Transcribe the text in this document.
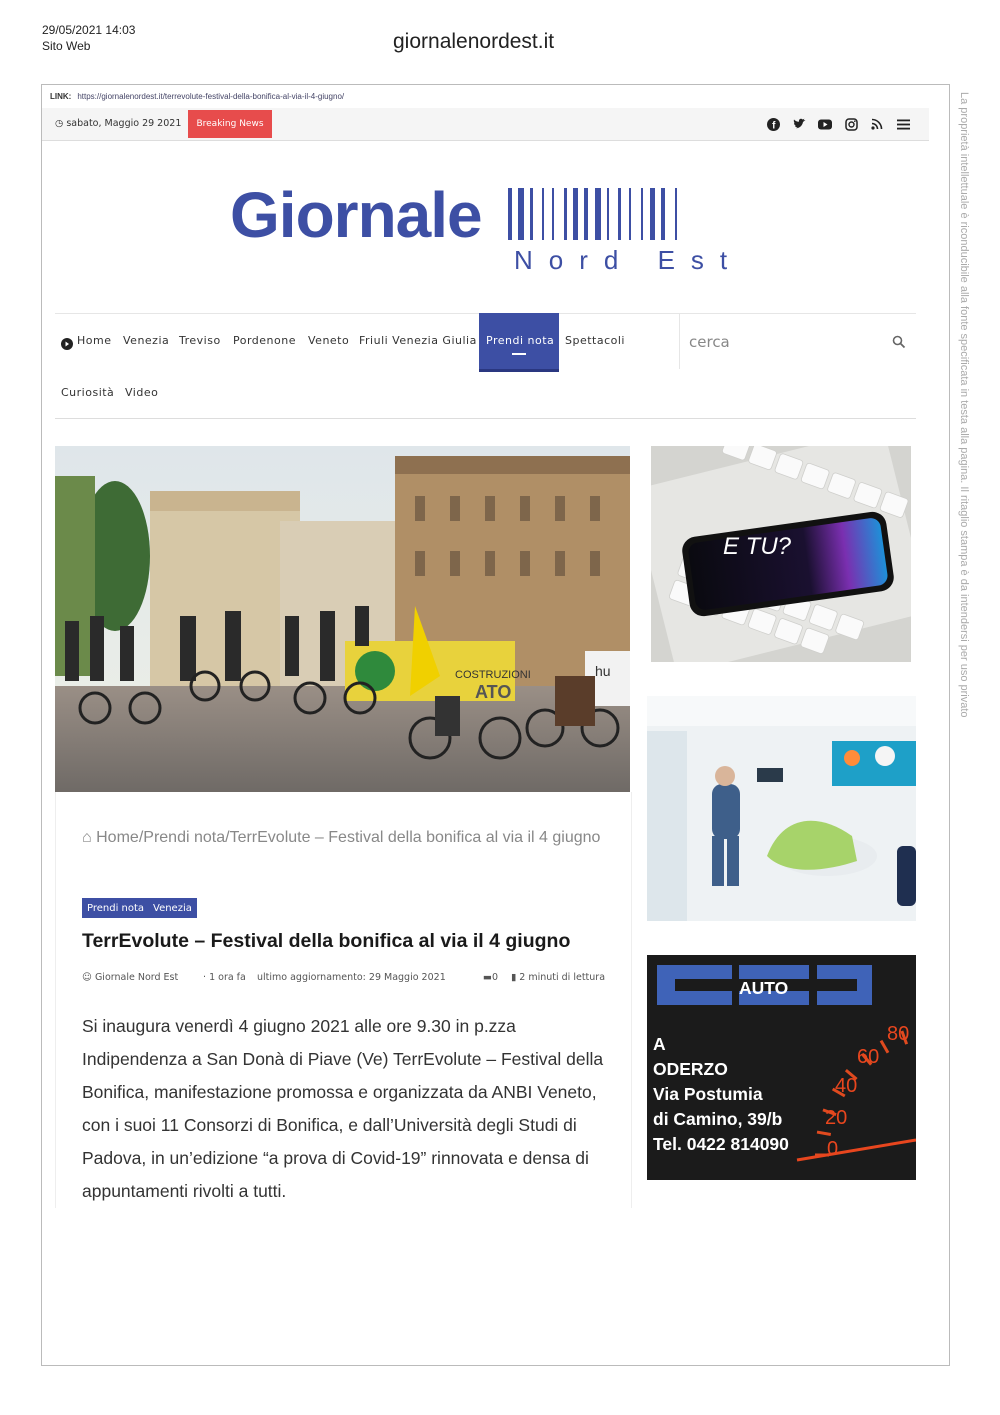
29/05/2021 14:03
Sito Web	giornalenordest.it
La proprietà intellettuale è riconducibile alla fonte specificata in testa alla pagina. Il ritaglio stampa è da intendersi per uso privato
LINK: https://giornalenordest.it/terrevolute-festival-della-bonifica-al-via-il-4-giugno/
◷ sabato, Maggio 29 2021	Breaking News	f
Giornale
Nord Est
Home Venezia Treviso Pordenone Veneto Friuli Venezia Giulia Prendi nota Spettacoli
Curiosità Video
cerca
COSTRUZIONI
ATO
hu
⌂ Home/Prendi nota/TerrEvolute – Festival della bonifica al via il 4 giugno
Prendi nota Venezia
TerrEvolute – Festival della bonifica al via il 4 giugno
☺ Giornale Nord Est	· 1 ora fa ultimo aggiornamento: 29 Maggio 2021	▬0 ▮ 2 minuti di lettura
Si inaugura venerdì 4 giugno 2021 alle ore 9.30 in p.zza Indipendenza a San Donà di Piave (Ve) TerrEvolute – Festival della Bonifica, manifestazione promossa e organizzata da ANBI Veneto, con i suoi 11 Consorzi di Bonifica, e dall’Università degli Studi di Padova, in un’edizione “a prova di Covid-19” rinnovata e densa di appuntamenti rivolti a tutti.
E TU?
AUTO
A
ODERZO
Via Postumia
di Camino, 39/b
Tel. 0422 814090
80
60
40
20
0
